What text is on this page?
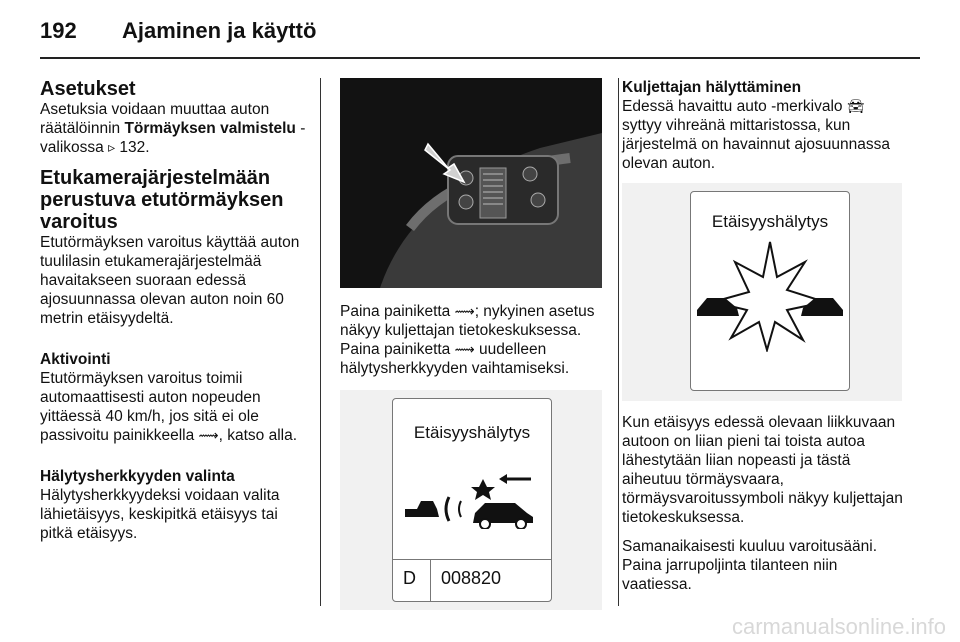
192 Ajaminen ja käyttö
Asetukset

Asetuksia voidaan muuttaa auton räätälöinnin Törmäyksen valmistelu -valikossa ▹ 132.

Etukamerajärjestelmään perustuva etutörmäyksen varoitus

Etutörmäyksen varoitus käyttää auton tuulilasin etukamerajärjestelmää havaitakseen suoraan edessä ajosuunnassa olevan auton noin 60 metrin etäisyydeltä.

Aktivointi

Etutörmäyksen varoitus toimii automaattisesti auton nopeuden yittäessä 40 km/h, jos sitä ei ole passivoitu painikkeella ⟿, katso alla.

Hälytysherkkyyden valinta

Hälytysherkkyydeksi voidaan valita lähietäisyys, keskipitkä etäisyys tai pitkä etäisyys.

Paina painiketta ⟿; nykyinen asetus näkyy kuljettajan tietokeskuksessa. Paina painiketta ⟿ uudelleen hälytysherkkyyden vaihtamiseksi.

Etäisyyshälytys
D 008820
Kuljettajan hälyttäminen

Edessä havaittu auto -merkivalo 🚘︎ syttyy vihreänä mittaristossa, kun järjestelmä on havainnut ajosuunnassa olevan auton.

Etäisyyshälytys

Kun etäisyys edessä olevaan liikkuvaan autoon on liian pieni tai toista autoa lähestytään liian nopeasti ja tästä aiheutuu törmäysvaara, törmäysvaroitussymboli näkyy kuljettajan tietokeskuksessa.

Samanaikaisesti kuuluu varoitusääni. Paina jarrupoljinta tilanteen niin vaatiessa.

carmanualsonline.info
